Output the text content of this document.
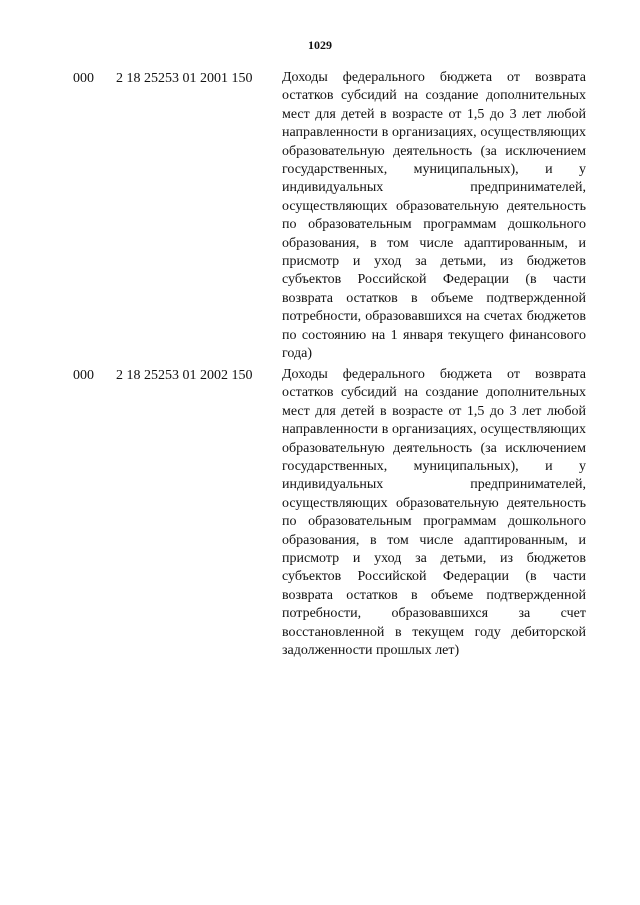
1029
000 2 18 25253 01 2001 150 Доходы федерального бюджета от возврата остатков субсидий на создание дополнительных мест для детей в возрасте от 1,5 до 3 лет любой направленности в организациях, осуществляющих образовательную деятельность (за исключением государственных, муниципальных), и у индивидуальных предпринимателей, осуществляющих образовательную деятельность по образовательным программам дошкольного образования, в том числе адаптированным, и присмотр и уход за детьми, из бюджетов субъектов Российской Федерации (в части возврата остатков в объеме подтвержденной потребности, образовавшихся на счетах бюджетов по состоянию на 1 января текущего финансового года)
000 2 18 25253 01 2002 150 Доходы федерального бюджета от возврата остатков субсидий на создание дополнительных мест для детей в возрасте от 1,5 до 3 лет любой направленности в организациях, осуществляющих образовательную деятельность (за исключением государственных, муниципальных), и у индивидуальных предпринимателей, осуществляющих образовательную деятельность по образовательным программам дошкольного образования, в том числе адаптированным, и присмотр и уход за детьми, из бюджетов субъектов Российской Федерации (в части возврата остатков в объеме подтвержденной потребности, образовавшихся за счет восстановленной в текущем году дебиторской задолженности прошлых лет)
